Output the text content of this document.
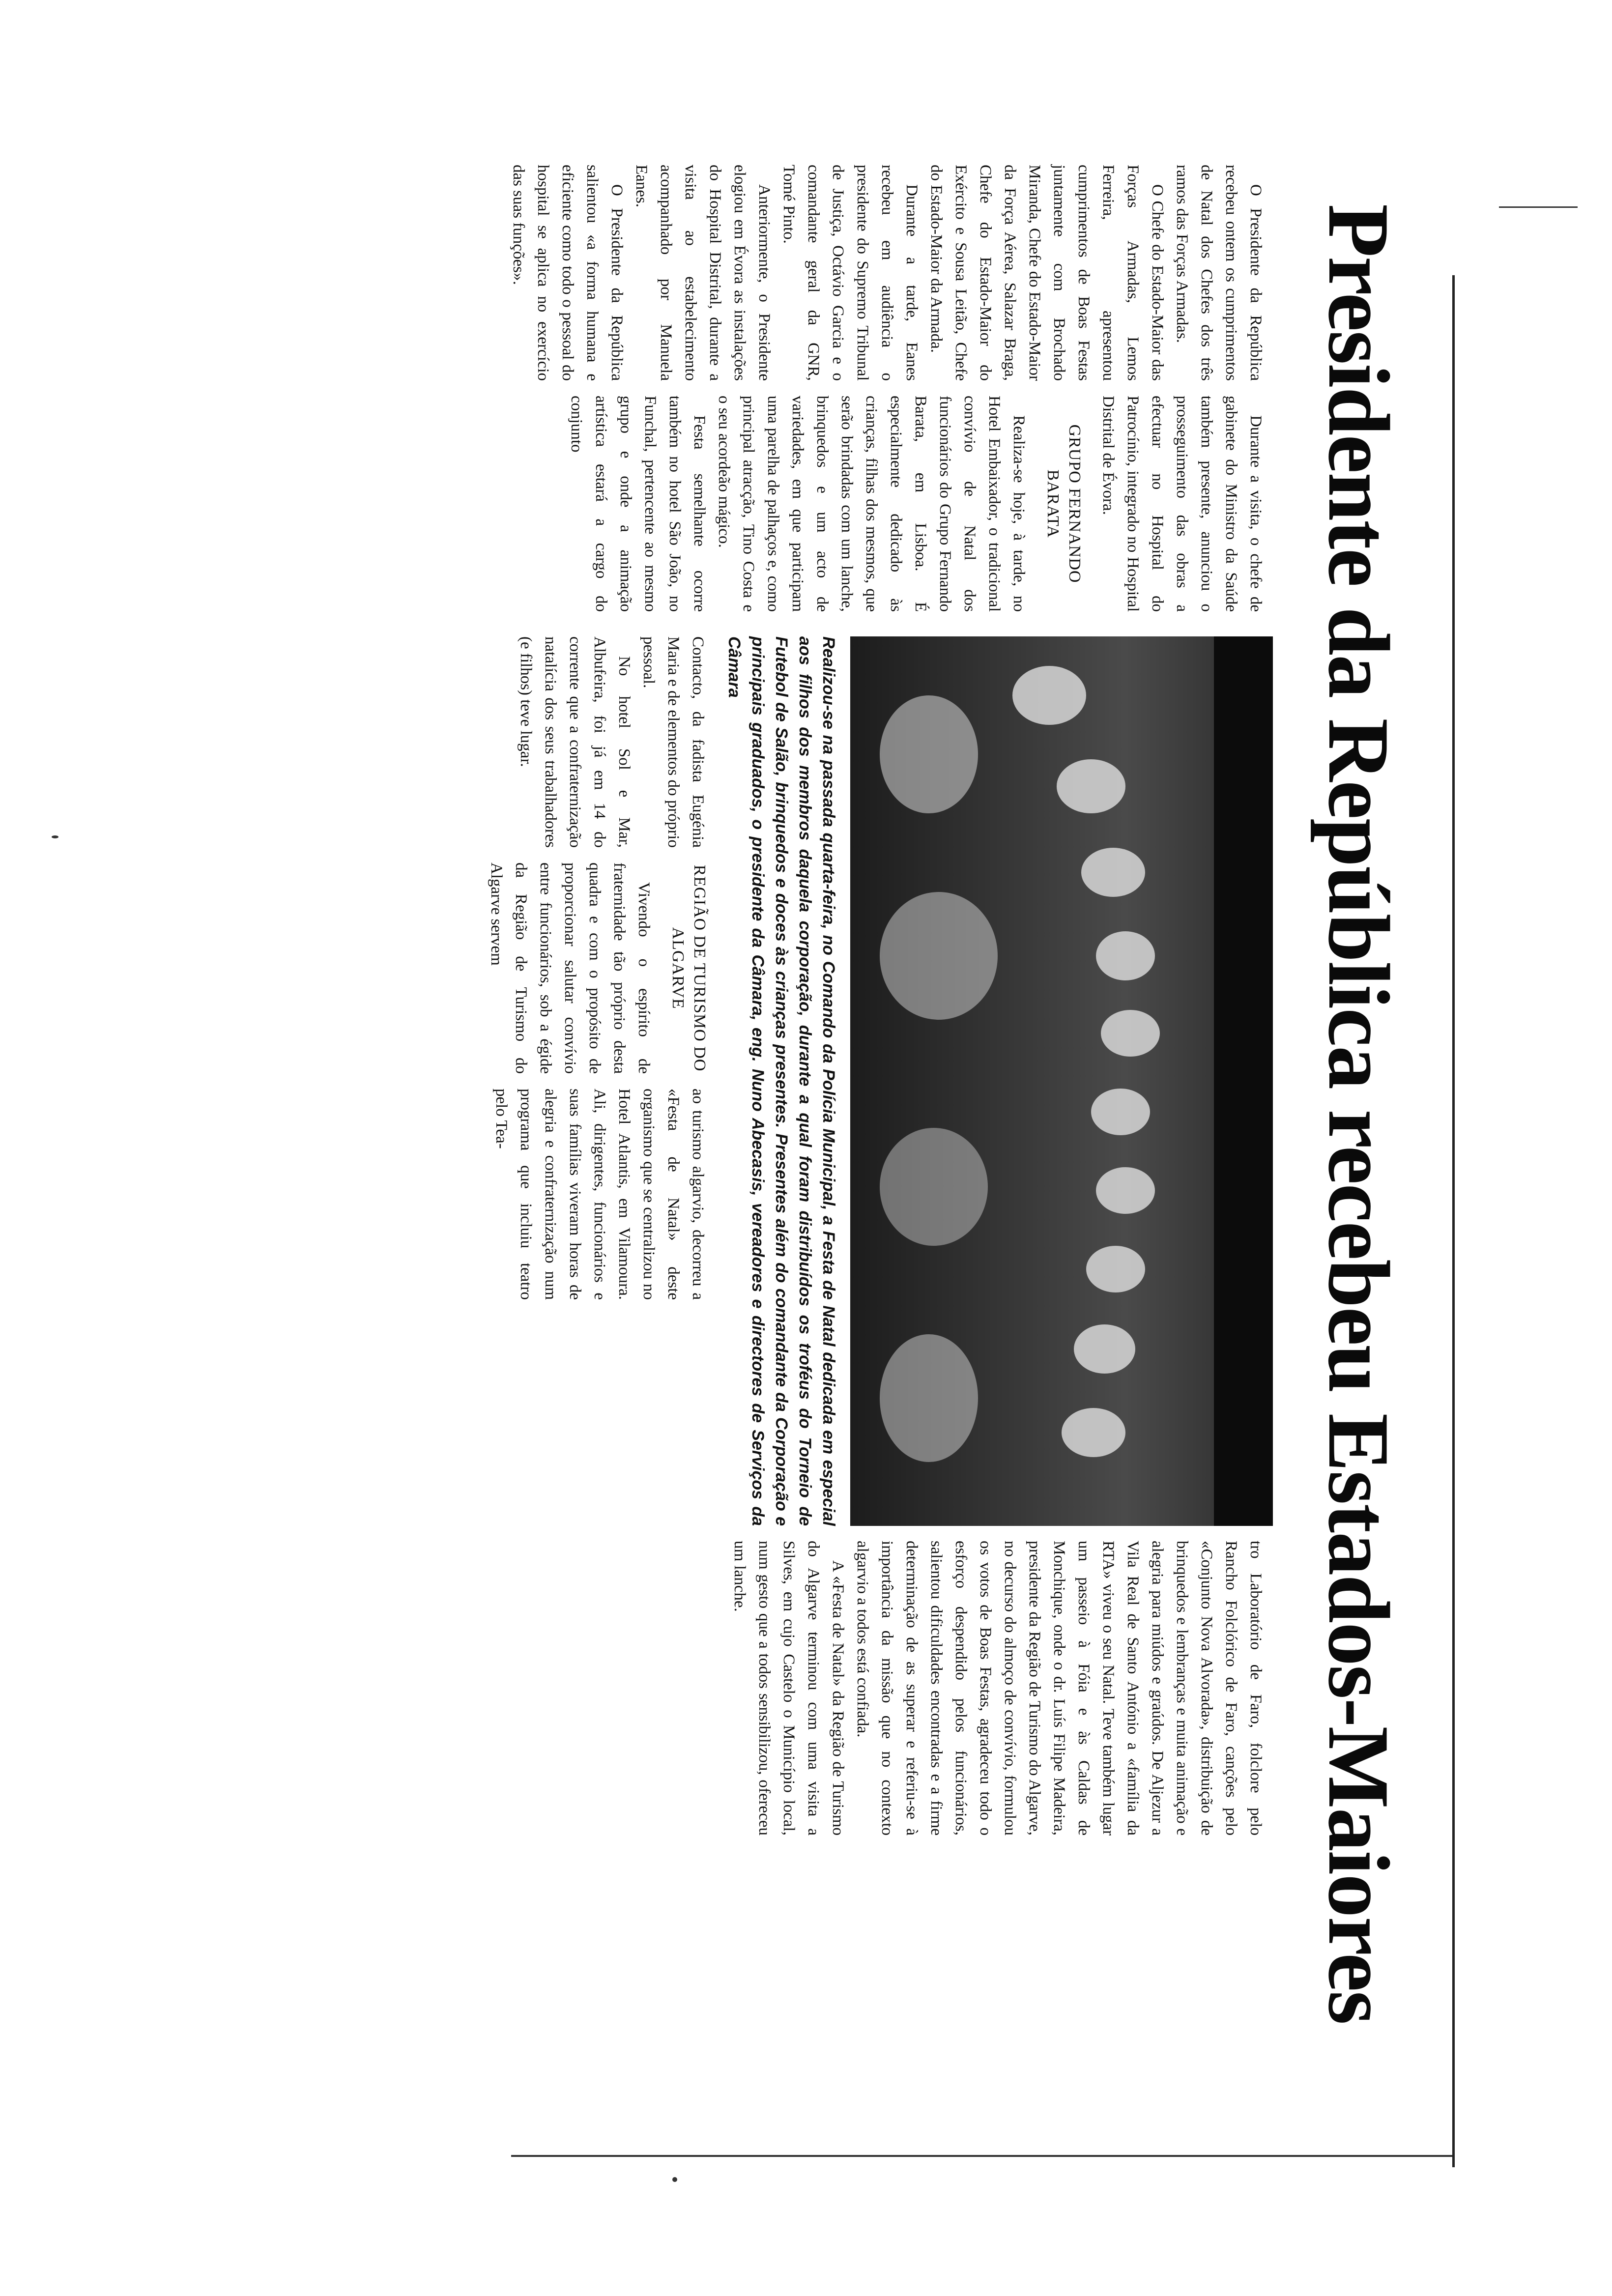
Presidente da República recebeu Estados-Maiores

O Presidente da República recebeu ontem os cumprimentos de Natal dos Chefes dos três ramos das Forças Armadas.

O Chefe do Estado-Maior das Forças Armadas, Lemos Ferreira, apresentou cumprimentos de Boas Festas juntamente com Brochado Miranda, Chefe do Estado-Maior da Força Aérea, Salazar Braga, Chefe do Estado-Maior do Exército e Sousa Leitão, Chefe do Estado-Maior da Armada.

Durante a tarde, Eanes recebeu em audiência o presidente do Supremo Tribunal de Justiça, Octávio Garcia e o comandante geral da GNR, Tomé Pinto.

Anteriormente, o Presidente elogiou em Évora as instalações do Hospital Distrital, durante a visita ao estabelecimento acompanhado por Manuela Eanes.

O Presidente da República salientou «a forma humana e eficiente como todo o pessoal do hospital se aplica no exercício das suas funções».

Durante a visita, o chefe de gabinete do Ministro da Saúde também presente, anunciou o prosseguimento das obras a efectuar no Hospital do Patrocínio, integrado no Hospital Distrital de Évora.

GRUPO FERNANDO BARATA

Realiza-se hoje, à tarde, no Hotel Embaixador, o tradicional convívio de Natal dos funcionários do Grupo Fernando Barata, em Lisboa. É especialmente dedicado às crianças, filhas dos mesmos, que serão brindadas com um lanche, brinquedos e um acto de variedades, em que participam uma parelha de palhaços e, como principal atracção, Tino Costa e o seu acordeão mágico.

Festa semelhante ocorre também no hotel São João, no Funchal, pertencente ao mesmo grupo e onde a animação artística estará a cargo do conjunto

Realizou-se na passada quarta-feira, no Comando da Polícia Municipal, a Festa de Natal dedicada em especial aos filhos dos membros daquela corporação, durante a qual foram distribuídos os troféus do Torneio de Futebol de Salão, brinquedos e doces às crianças presentes. Presentes além do comandante da Corporação e principais graduados, o presidente da Câmara, eng. Nuno Abecasis, vereadores e directores de Serviços da Câmara

Contacto, da fadista Eugénia Maria e de elementos do próprio pessoal.

No hotel Sol e Mar, Albufeira, foi já em 14 do corrente que a confraternização natalícia dos seus trabalhadores (e filhos) teve lugar.

REGIÃO DE TURISMO DO ALGARVE

Vivendo o espírito de fraternidade tão próprio desta quadra e com o propósito de proporcionar salutar convívio entre funcionários, sob a égide da Região de Turismo do Algarve servem

ao turismo algarvio, decorreu a «Festa de Natal» deste organismo que se centralizou no Hotel Atlantis, em Vilamoura. Ali, dirigentes, funcionários e suas famílias viveram horas de alegria e confraternização num programa que incluiu teatro pelo Tea-

tro Laboratório de Faro, folclore pelo Rancho Folclórico de Faro, canções pelo «Conjunto Nova Alvorada», distribuição de brinquedos e lembranças e muita animação e alegria para miúdos e graúdos. De Aljezur a Vila Real de Santo António a «família da RTA» viveu o seu Natal. Teve também lugar um passeio à Fóia e às Caldas de Monchique, onde o dr. Luís Filipe Madeira, presidente da Região de Turismo do Algarve, no decurso do almoço de convívio, formulou os votos de Boas Festas, agradeceu todo o esforço despendido pelos funcionários, salientou dificuldades encontradas e a firme determinação de as superar e referiu-se à importância da missão que no contexto algarvio a todos está confiada.

A «Festa de Natal» da Região de Turismo do Algarve terminou com uma visita a Silves, em cujo Castelo o Município local, num gesto que a todos sensibilizou, ofereceu um lanche.
